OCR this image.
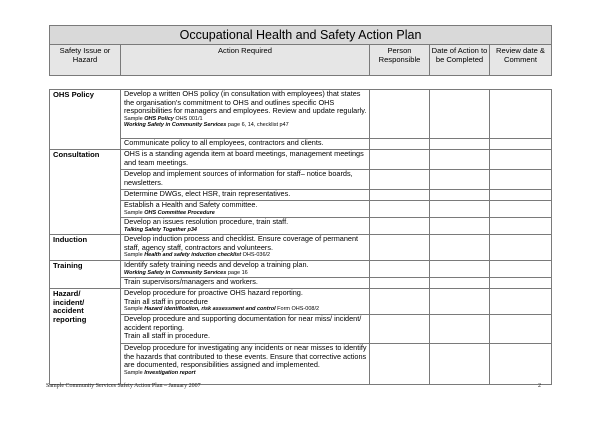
Occupational Health and Safety Action Plan
Safety Issue or Hazard	Action Required	Person Responsible	Date of Action to be Completed	Review date & Comment
OHS Policy	Develop a written OHS policy (in consultation with employees) that states the organisation's commitment to OHS and outlines specific OHS responsibilities for managers and employees. Review and update regularly.
Sample OHS Policy OHS 001/1
Working Safety in Community Services page 6, 14, checklist p47			

	Communicate policy to all employees, contractors and clients.			
Consultation	OHS is a standing agenda item at board meetings, management meetings and team meetings.			
	Develop and implement sources of information for staff– notice boards, newsletters.			
	Determine DWGs, elect HSR, train representatives.			

	Establish a Health and Safety committee.
Sample OHS Committee Procedure			

	Develop an issues resolution procedure, train staff.
Talking Safety Together p34			

Induction	Develop induction process and checklist. Ensure coverage of permanent staff, agency staff, contractors and volunteers.
Sample Health and safety induction checklist OHS-036/2			

Training	Identify safety training needs and develop a training plan.
Working Safety in Community Services page 16			

	Train supervisors/managers and workers.			

Hazard/
incident/
accident
reporting	Develop procedure for proactive OHS hazard reporting.
Train all staff in procedure
Sample Hazard identification, risk assessment and control Form OHS-008/2			

	Develop procedure and supporting documentation for near miss/ incident/ accident reporting.
Train all staff in procedure.			

	Develop procedure for investigating any incidents or near misses to identify the hazards that contributed to these events. Ensure that corrective actions are documented, responsibilities assigned and implemented.
Sample Investigation report			

Sample Community Services Safety Action Plan – January 2007	2
